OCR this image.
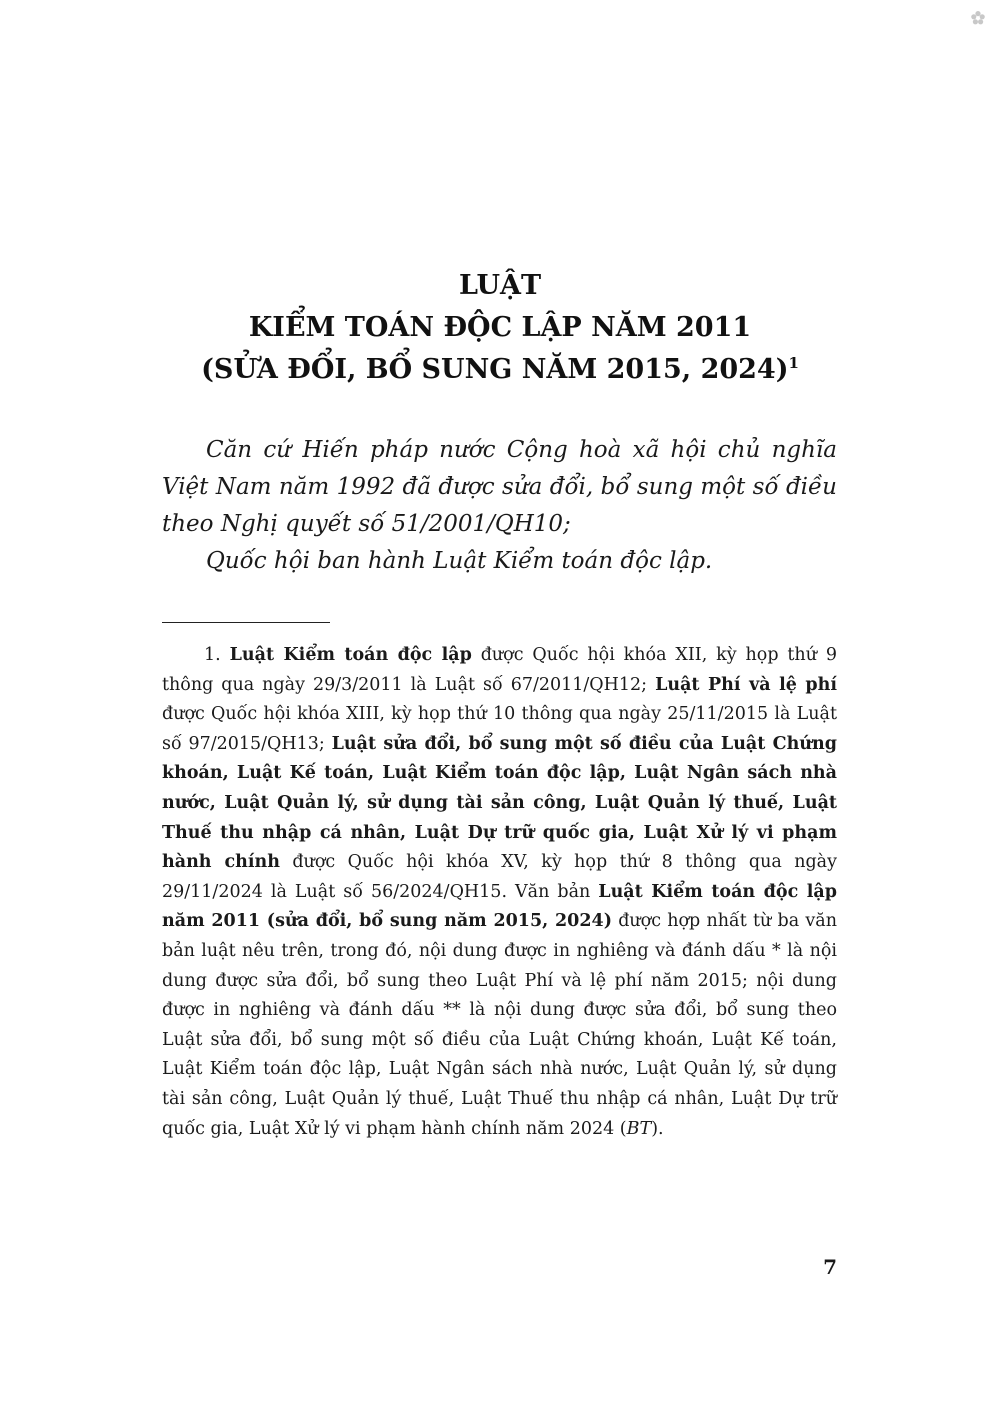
LUẬT
KIỂM TOÁN ĐỘC LẬP NĂM 2011
(SỬA ĐỔI, BỔ SUNG NĂM 2015, 2024)$^1$

Căn cứ Hiến pháp nước Cộng hoà xã hội chủ nghĩa Việt Nam năm 1992 đã được sửa đổi, bổ sung một số điều theo Nghị quyết số 51/2001/QH10;

Quốc hội ban hành Luật Kiểm toán độc lập.

1. Luật Kiểm toán độc lập được Quốc hội khóa XII, kỳ họp thứ 9 thông qua ngày 29/3/2011 là Luật số 67/2011/QH12; Luật Phí và lệ phí được Quốc hội khóa XIII, kỳ họp thứ 10 thông qua ngày 25/11/2015 là Luật số 97/2015/QH13; Luật sửa đổi, bổ sung một số điều của Luật Chứng khoán, Luật Kế toán, Luật Kiểm toán độc lập, Luật Ngân sách nhà nước, Luật Quản lý, sử dụng tài sản công, Luật Quản lý thuế, Luật Thuế thu nhập cá nhân, Luật Dự trữ quốc gia, Luật Xử lý vi phạm hành chính được Quốc hội khóa XV, kỳ họp thứ 8 thông qua ngày 29/11/2024 là Luật số 56/2024/QH15. Văn bản Luật Kiểm toán độc lập năm 2011 (sửa đổi, bổ sung năm 2015, 2024) được hợp nhất từ ba văn bản luật nêu trên, trong đó, nội dung được in nghiêng và đánh dấu * là nội dung được sửa đổi, bổ sung theo Luật Phí và lệ phí năm 2015; nội dung được in nghiêng và đánh dấu ** là nội dung được sửa đổi, bổ sung theo Luật sửa đổi, bổ sung một số điều của Luật Chứng khoán, Luật Kế toán, Luật Kiểm toán độc lập, Luật Ngân sách nhà nước, Luật Quản lý, sử dụng tài sản công, Luật Quản lý thuế, Luật Thuế thu nhập cá nhân, Luật Dự trữ quốc gia, Luật Xử lý vi phạm hành chính năm 2024 (BT).

7
